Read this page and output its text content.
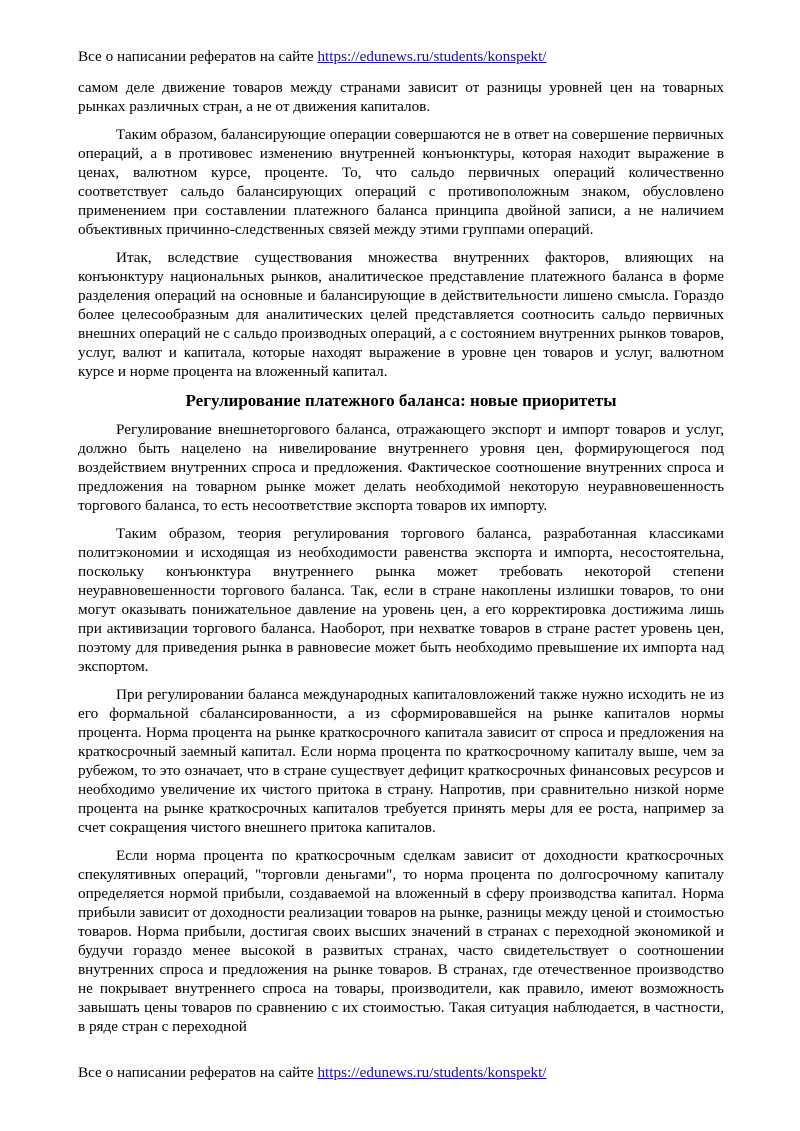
Все о написании рефератов на сайте https://edunews.ru/students/konspekt/

самом деле движение товаров между странами зависит от разницы уровней цен на товарных рынках различных стран, а не от движения капиталов.

Таким образом, балансирующие операции совершаются не в ответ на совершение первичных операций, а в противовес изменению внутренней конъюнктуры, которая находит выражение в ценах, валютном курсе, проценте. То, что сальдо первичных операций количественно соответствует сальдо балансирующих операций с противоположным знаком, обусловлено применением при составлении платежного баланса принципа двойной записи, а не наличием объективных причинно-следственных связей между этими группами операций.

Итак, вследствие существования множества внутренних факторов, влияющих на конъюнктуру национальных рынков, аналитическое представление платежного баланса в форме разделения операций на основные и балансирующие в действительности лишено смысла. Гораздо более целесообразным для аналитических целей представляется соотносить сальдо первичных внешних операций не с сальдо производных операций, а с состоянием внутренних рынков товаров, услуг, валют и капитала, которые находят выражение в уровне цен товаров и услуг, валютном курсе и норме процента на вложенный капитал.

Регулирование платежного баланса: новые приоритеты

Регулирование внешнеторгового баланса, отражающего экспорт и импорт товаров и услуг, должно быть нацелено на нивелирование внутреннего уровня цен, формирующегося под воздействием внутренних спроса и предложения. Фактическое соотношение внутренних спроса и предложения на товарном рынке может делать необходимой некоторую неуравновешенность торгового баланса, то есть несоответствие экспорта товаров их импорту.

Таким образом, теория регулирования торгового баланса, разработанная классиками политэкономии и исходящая из необходимости равенства экспорта и импорта, несостоятельна, поскольку конъюнктура внутреннего рынка может требовать некоторой степени неуравновешенности торгового баланса. Так, если в стране накоплены излишки товаров, то они могут оказывать понижательное давление на уровень цен, а его корректировка достижима лишь при активизации торгового баланса. Наоборот, при нехватке товаров в стране растет уровень цен, поэтому для приведения рынка в равновесие может быть необходимо превышение их импорта над экспортом.

При регулировании баланса международных капиталовложений также нужно исходить не из его формальной сбалансированности, а из сформировавшейся на рынке капиталов нормы процента. Норма процента на рынке краткосрочного капитала зависит от спроса и предложения на краткосрочный заемный капитал. Если норма процента по краткосрочному капиталу выше, чем за рубежом, то это означает, что в стране существует дефицит краткосрочных финансовых ресурсов и необходимо увеличение их чистого притока в страну. Напротив, при сравнительно низкой норме процента на рынке краткосрочных капиталов требуется принять меры для ее роста, например за счет сокращения чистого внешнего притока капиталов.

Если норма процента по краткосрочным сделкам зависит от доходности краткосрочных спекулятивных операций, "торговли деньгами", то норма процента по долгосрочному капиталу определяется нормой прибыли, создаваемой на вложенный в сферу производства капитал. Норма прибыли зависит от доходности реализации товаров на рынке, разницы между ценой и стоимостью товаров. Норма прибыли, достигая своих высших значений в странах с переходной экономикой и будучи гораздо менее высокой в развитых странах, часто свидетельствует о соотношении внутренних спроса и предложения на рынке товаров. В странах, где отечественное производство не покрывает внутреннего спроса на товары, производители, как правило, имеют возможность завышать цены товаров по сравнению с их стоимостью. Такая ситуация наблюдается, в частности, в ряде стран с переходной

Все о написании рефератов на сайте https://edunews.ru/students/konspekt/
